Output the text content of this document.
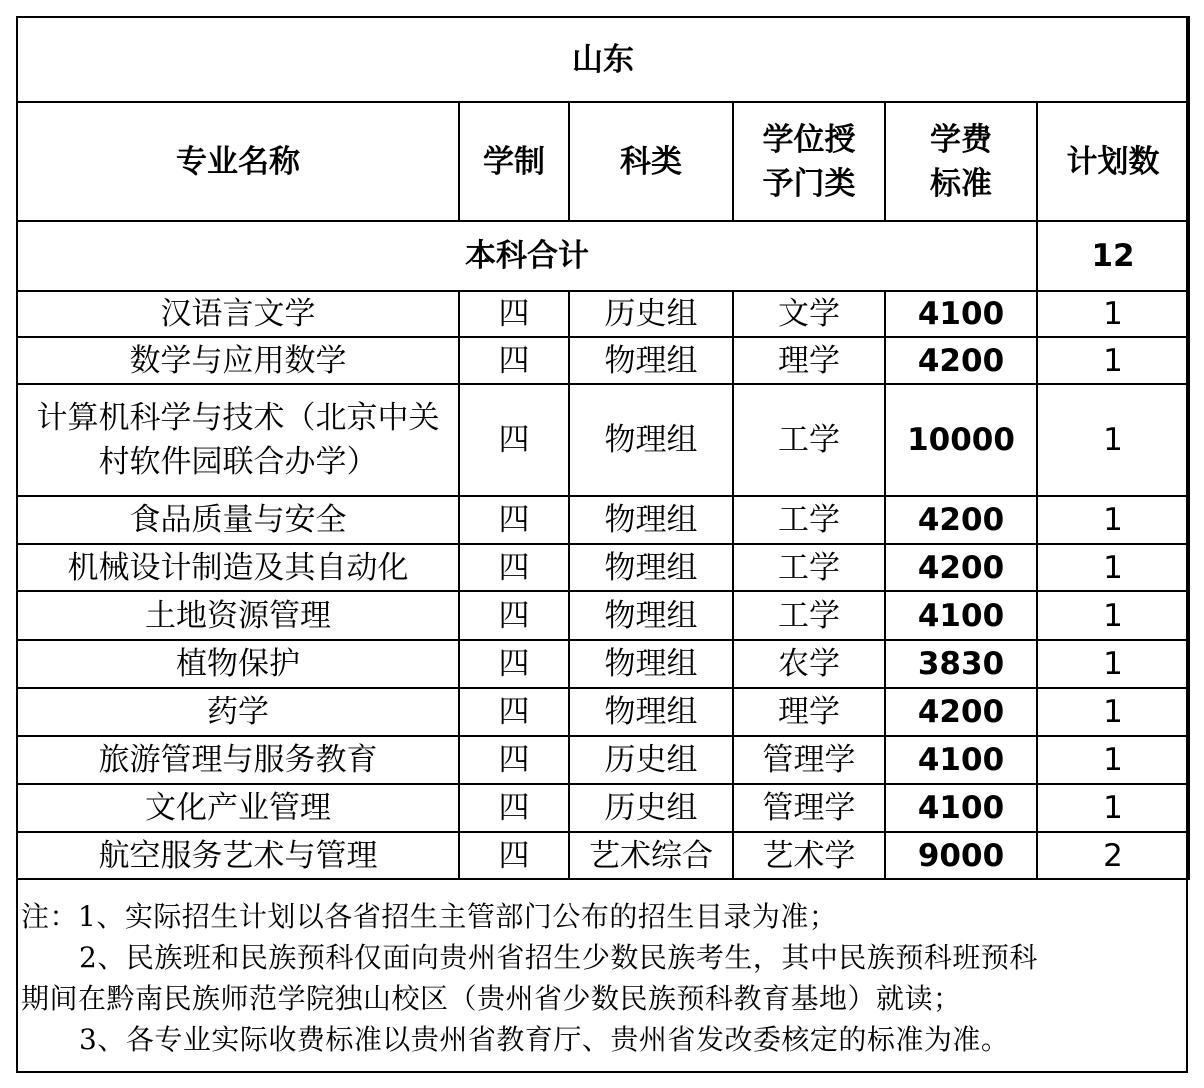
山东					
专业名称	学制	科类	学位授予门类	学费标准	计划数
本科合计					12
汉语言文学	四	历史组	文学	4100	1
数学与应用数学	四	物理组	理学	4200	1
计算机科学与技术（北京中关村软件园联合办学）	四	物理组	工学	10000	1
食品质量与安全	四	物理组	工学	4200	1
机械设计制造及其自动化	四	物理组	工学	4200	1
土地资源管理	四	物理组	工学	4100	1
植物保护	四	物理组	农学	3830	1
药学	四	物理组	理学	4200	1
旅游管理与服务教育	四	历史组	管理学	4100	1
文化产业管理	四	历史组	管理学	4100	1
航空服务艺术与管理	四	艺术综合	艺术学	9000	2

注：1、实际招生计划以各省招生主管部门公布的招生目录为准；

2、民族班和民族预科仅面向贵州省招生少数民族考生，其中民族预科班预科

期间在黔南民族师范学院独山校区（贵州省少数民族预科教育基地）就读；

3、各专业实际收费标准以贵州省教育厅、贵州省发改委核定的标准为准。
